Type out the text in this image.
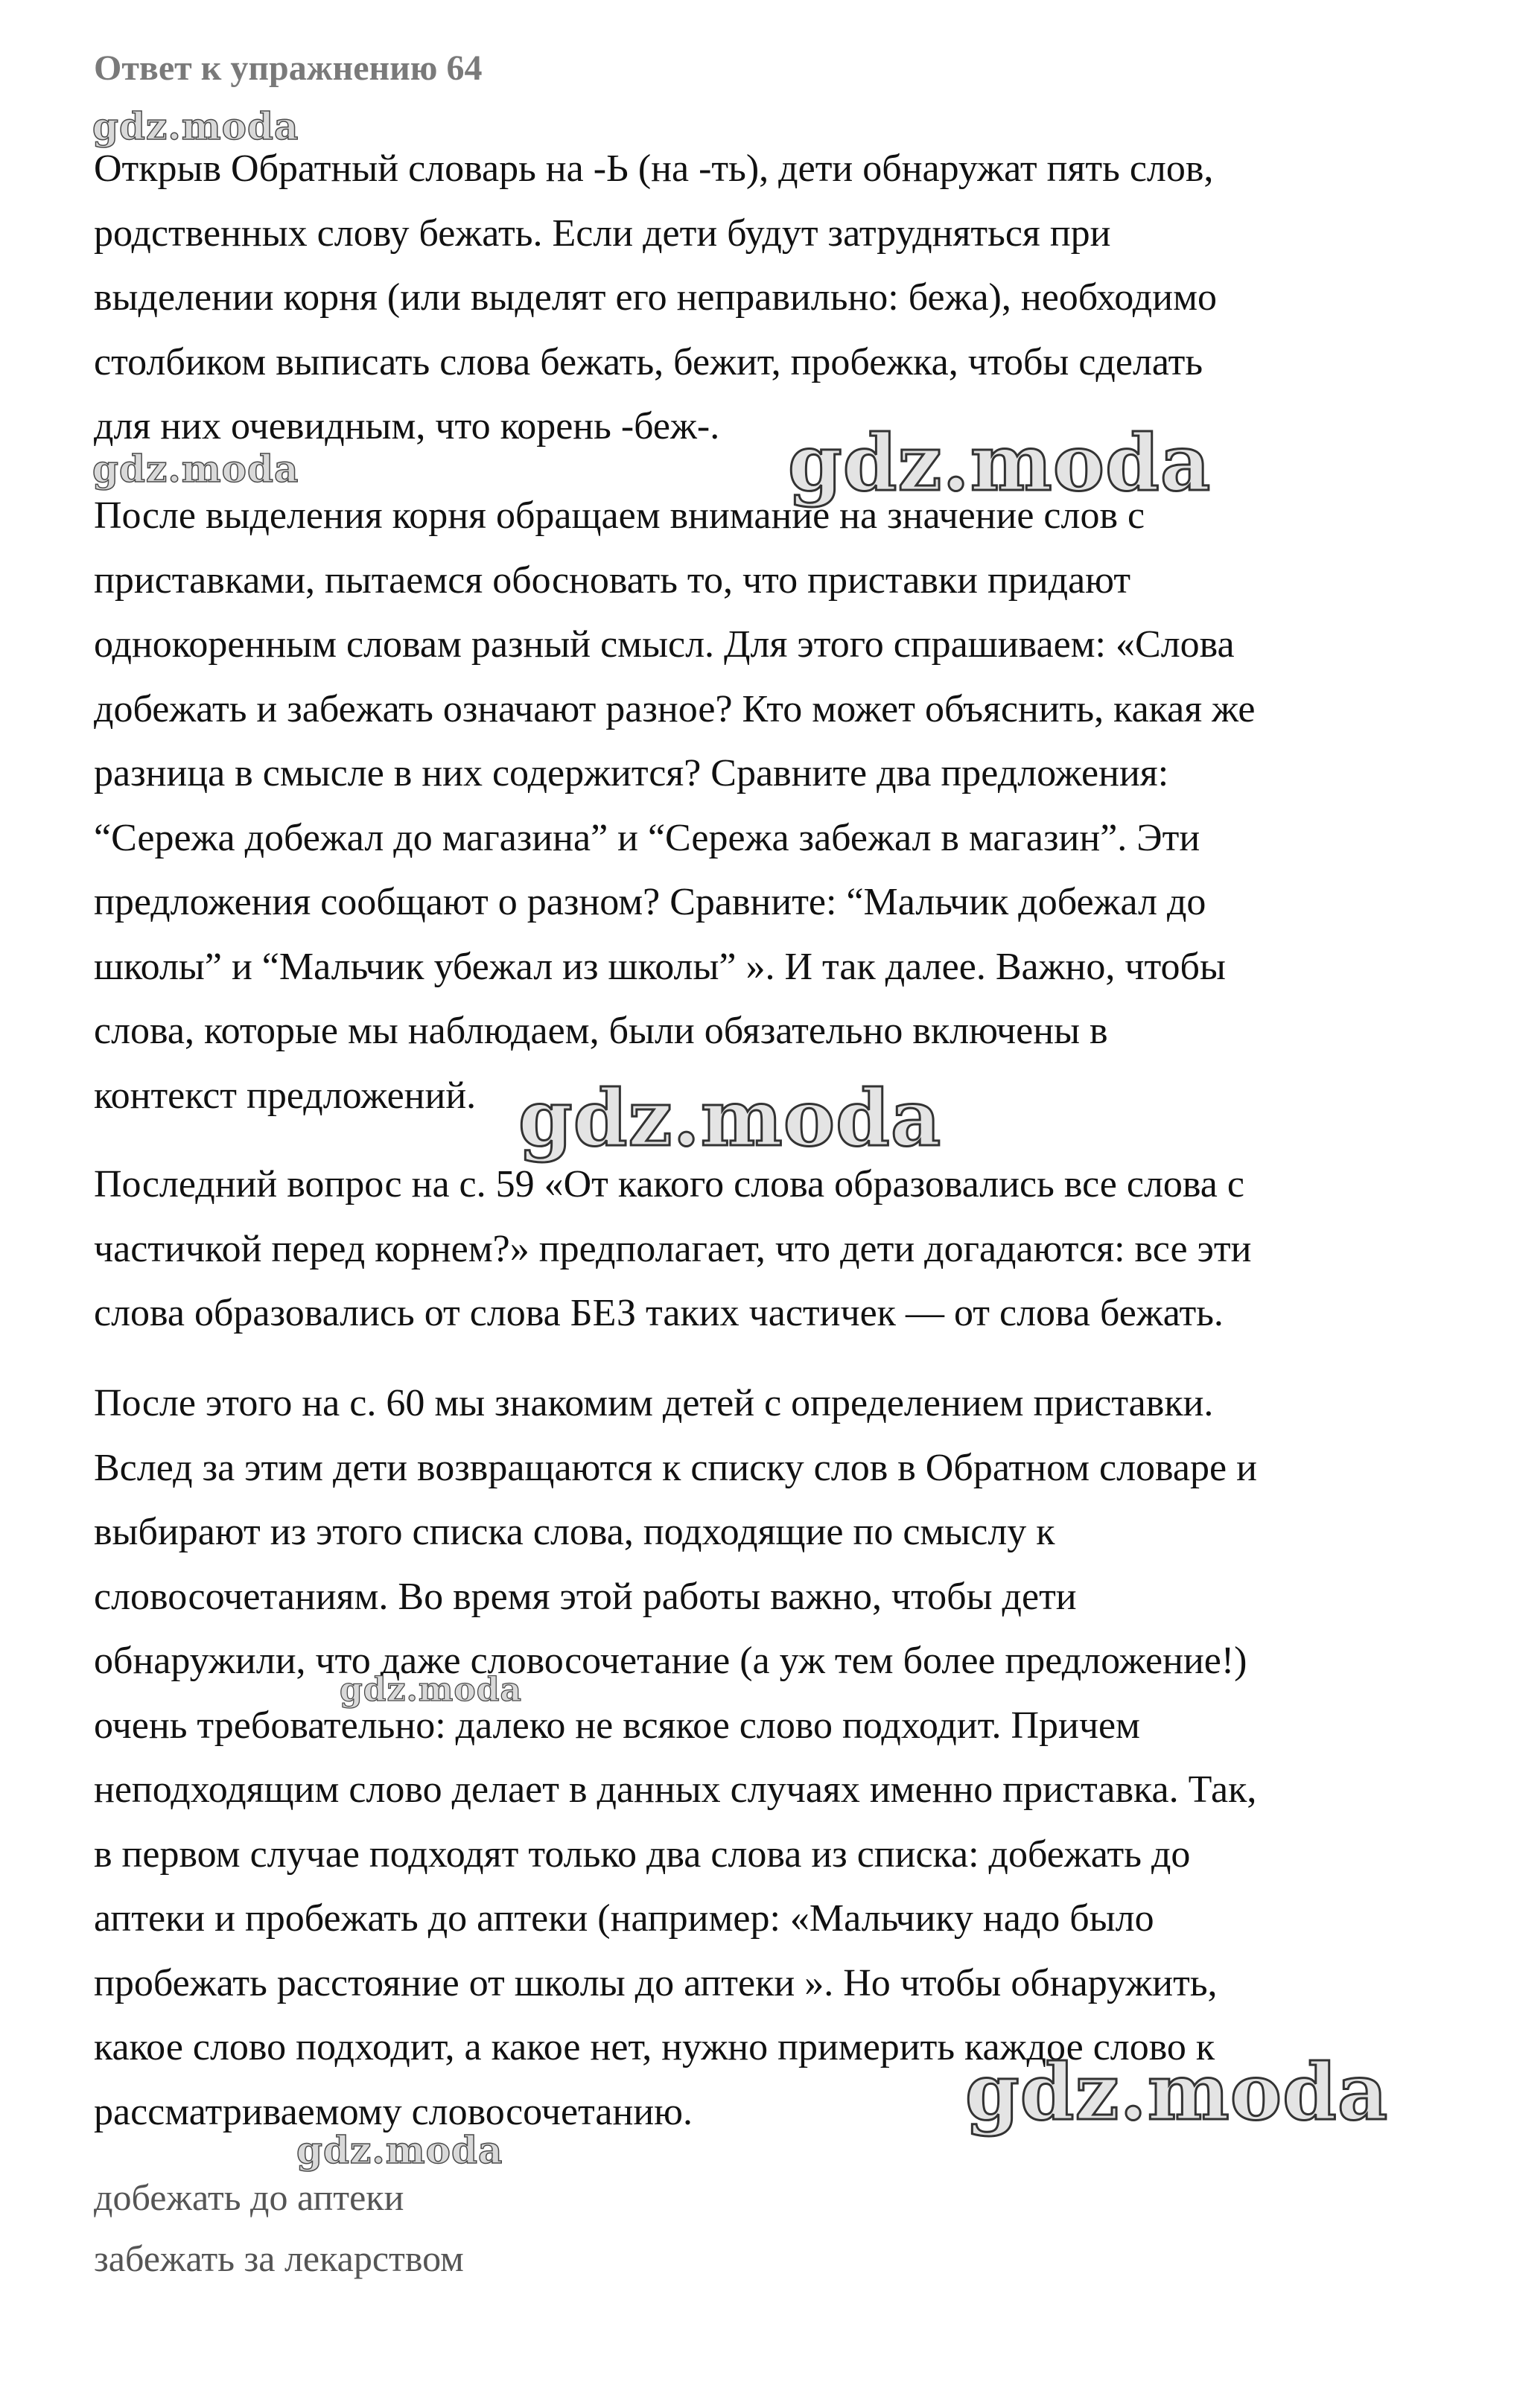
Ответ к упражнению 64
Открыв Обратный словарь на -Ь (на -ть), дети обнаружат пять слов,
родственных слову бежать. Если дети будут затрудняться при
выделении корня (или выделят его неправильно: бежа), необходимо
столбиком выписать слова бежать, бежит, пробежка, чтобы сделать
для них очевидным, что корень -беж-.
После выделения корня обращаем внимание на значение слов с
приставками, пытаемся обосновать то, что приставки придают
однокоренным словам разный смысл. Для этого спрашиваем: «Слова
добежать и забежать означают разное? Кто может объяснить, какая же
разница в смысле в них содержится? Сравните два предложения:
“Сережа добежал до магазина” и “Сережа забежал в магазин”. Эти
предложения сообщают о разном? Сравните: “Мальчик добежал до
школы” и “Мальчик убежал из школы” ». И так далее. Важно, чтобы
слова, которые мы наблюдаем, были обязательно включены в
контекст предложений.
Последний вопрос на с. 59 «От какого слова образовались все слова с
частичкой перед корнем?» предполагает, что дети догадаются: все эти
слова образовались от слова БЕЗ таких частичек — от слова бежать.
После этого на с. 60 мы знакомим детей с определением приставки.
Вслед за этим дети возвращаются к списку слов в Обратном словаре и
выбирают из этого списка слова, подходящие по смыслу к
словосочетаниям. Во время этой работы важно, чтобы дети
обнаружили, что даже словосочетание (а уж тем более предложение!)
очень требовательно: далеко не всякое слово подходит. Причем
неподходящим слово делает в данных случаях именно приставка. Так,
в первом случае подходят только два слова из списка: добежать до
аптеки и пробежать до аптеки (например: «Мальчику надо было
пробежать расстояние от школы до аптеки ». Но чтобы обнаружить,
какое слово подходит, а какое нет, нужно примерить каждое слово к
рассматриваемому словосочетанию.
добежать до аптеки
забежать за лекарством
gdz.moda
gdz.moda	gdz.moda
gdz.moda
gdz.moda
gdz.moda
gdz.moda
